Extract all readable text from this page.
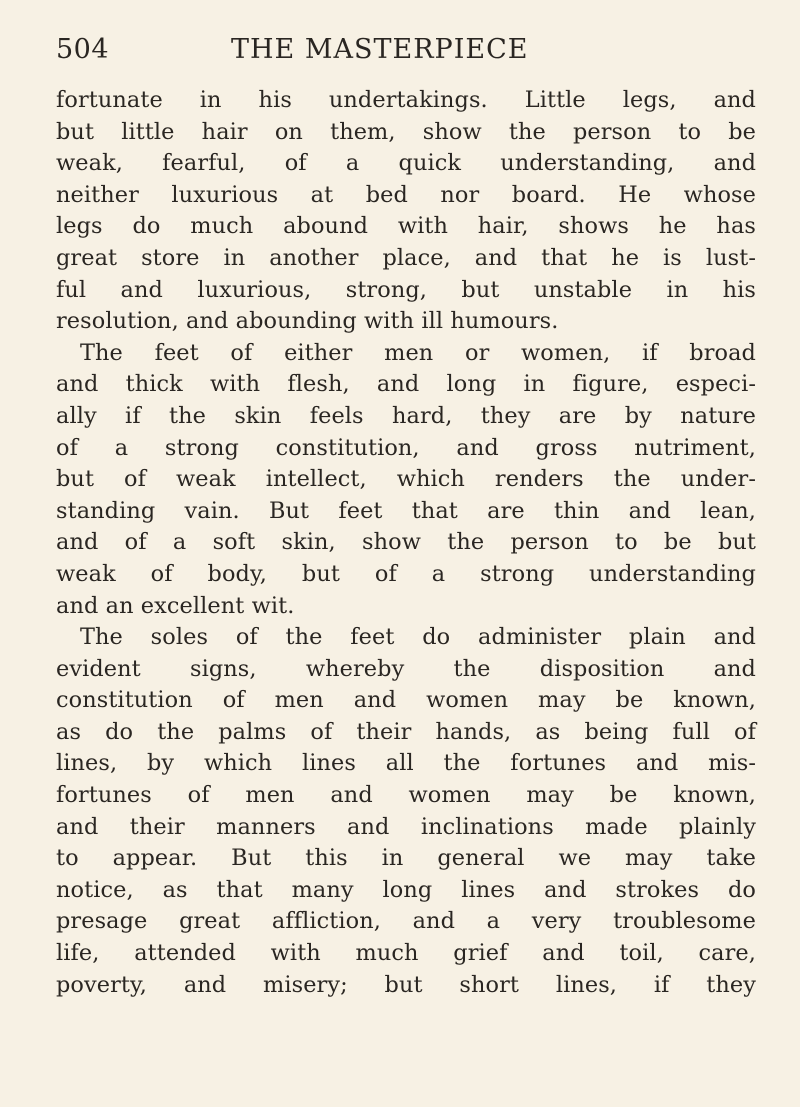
504	THE MASTERPIECE
fortunate in his undertakings. Little legs, and
but little hair on them, show the person to be
weak, fearful, of a quick understanding, and
neither luxurious at bed nor board. He whose
legs do much abound with hair, shows he has
great store in another place, and that he is lust-
ful and luxurious, strong, but unstable in his
resolution, and abounding with ill humours.
The feet of either men or women, if broad
and thick with flesh, and long in figure, especi-
ally if the skin feels hard, they are by nature
of a strong constitution, and gross nutriment,
but of weak intellect, which renders the under-
standing vain. But feet that are thin and lean,
and of a soft skin, show the person to be but
weak of body, but of a strong understanding
and an excellent wit.
The soles of the feet do administer plain and
evident signs, whereby the disposition and
constitution of men and women may be known,
as do the palms of their hands, as being full of
lines, by which lines all the fortunes and mis-
fortunes of men and women may be known,
and their manners and inclinations made plainly
to appear. But this in general we may take
notice, as that many long lines and strokes do
presage great affliction, and a very troublesome
life, attended with much grief and toil, care,
poverty, and misery; but short lines, if they
